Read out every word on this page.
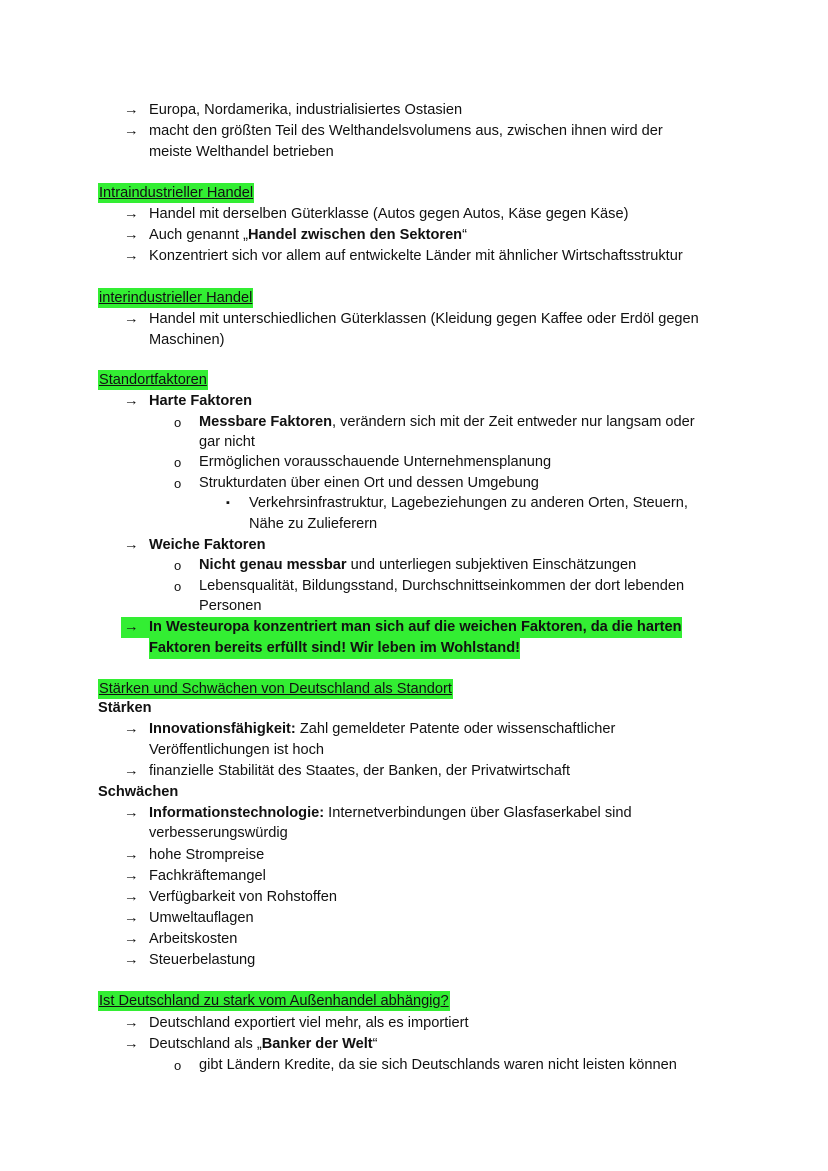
→ Europa, Nordamerika, industrialisiertes Ostasien
→ macht den größten Teil des Welthandelsvolumens aus, zwischen ihnen wird der
meiste Welthandel betrieben
Intraindustrieller Handel
→ Handel mit derselben Güterklasse (Autos gegen Autos, Käse gegen Käse)
→ Auch genannt „Handel zwischen den Sektoren“
→ Konzentriert sich vor allem auf entwickelte Länder mit ähnlicher Wirtschaftsstruktur
interindustrieller Handel
→ Handel mit unterschiedlichen Güterklassen (Kleidung gegen Kaffee oder Erdöl gegen
Maschinen)
Standortfaktoren
→ Harte Faktoren
o Messbare Faktoren, verändern sich mit der Zeit entweder nur langsam oder
gar nicht
o Ermöglichen vorausschauende Unternehmensplanung
o Strukturdaten über einen Ort und dessen Umgebung
▪ Verkehrsinfrastruktur, Lagebeziehungen zu anderen Orten, Steuern,
Nähe zu Zulieferern
→ Weiche Faktoren
o Nicht genau messbar und unterliegen subjektiven Einschätzungen
o Lebensqualität, Bildungsstand, Durchschnittseinkommen der dort lebenden
Personen
→ In Westeuropa konzentriert man sich auf die weichen Faktoren, da die harten
Faktoren bereits erfüllt sind! Wir leben im Wohlstand!
Stärken und Schwächen von Deutschland als Standort
Stärken
→ Innovationsfähigkeit: Zahl gemeldeter Patente oder wissenschaftlicher
Veröffentlichungen ist hoch
→ finanzielle Stabilität des Staates, der Banken, der Privatwirtschaft
Schwächen
→ Informationstechnologie: Internetverbindungen über Glasfaserkabel sind
verbesserungswürdig
→ hohe Strompreise
→ Fachkräftemangel
→ Verfügbarkeit von Rohstoffen
→ Umweltauflagen
→ Arbeitskosten
→ Steuerbelastung
Ist Deutschland zu stark vom Außenhandel abhängig?
→ Deutschland exportiert viel mehr, als es importiert
→ Deutschland als „Banker der Welt“
o gibt Ländern Kredite, da sie sich Deutschlands waren nicht leisten können
